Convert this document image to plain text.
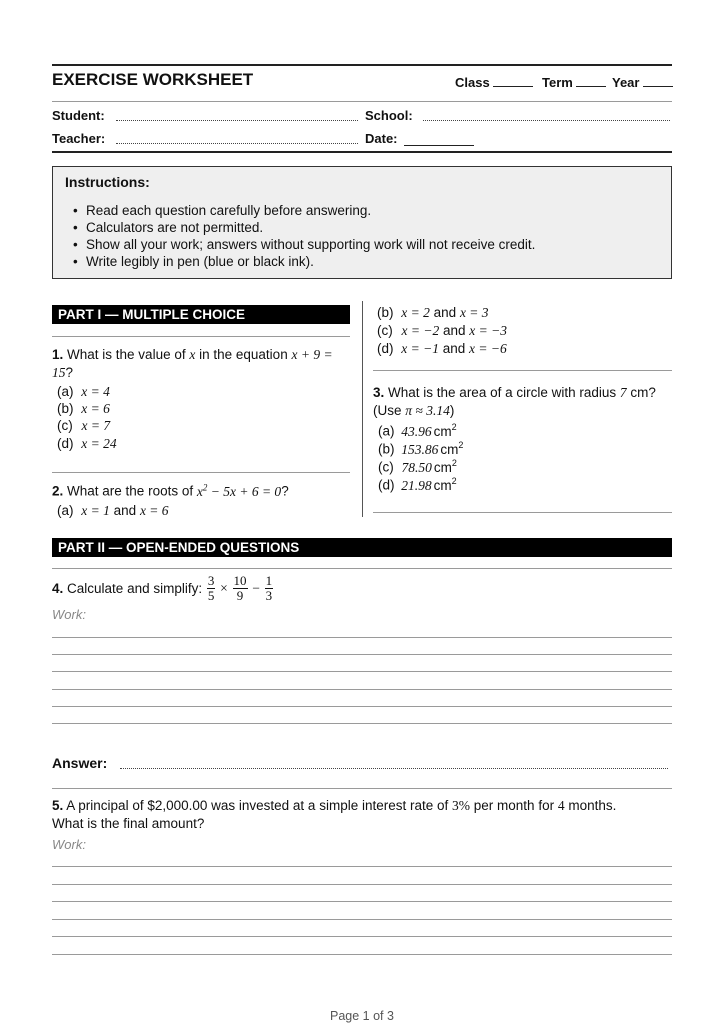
EXERCISE WORKSHEET	Class	Term	Year
Student:	School:
Teacher:	Date:
Instructions:
• Read each question carefully before answering.
• Calculators are not permitted.
• Show all your work; answers without supporting work will not receive credit.
• Write legibly in pen (blue or black ink).
PART I — MULTIPLE CHOICE
1. What is the value of x in the equation x + 9 =
15?
(a) x = 4
(b) x = 6
(c) x = 7
(d) x = 24
2. What are the roots of $x^2 - 5x + 6 = 0$?
(a) x = 1 and x = 6
(b) x = 2 and x = 3
(c) x = −2 and x = −3
(d) x = −1 and x = −6
3. What is the area of a circle with radius 7 cm?
(Use π ≈ 3.14)
(a) 43.96 $cm^2$
(b) 153.86 $cm^2$
(c) 78.50 $cm^2$
(d) 21.98 $cm^2$
PART II — OPEN-ENDED QUESTIONS
4. Calculate and simplify: $\frac{3}{5} \times \frac{10}{9} - \frac{1}{3}$
Work:
Answer:
5. A principal of $2,000.00 was invested at a simple interest rate of 3% per month for 4 months.
What is the final amount?
Work:
Page 1 of 3
